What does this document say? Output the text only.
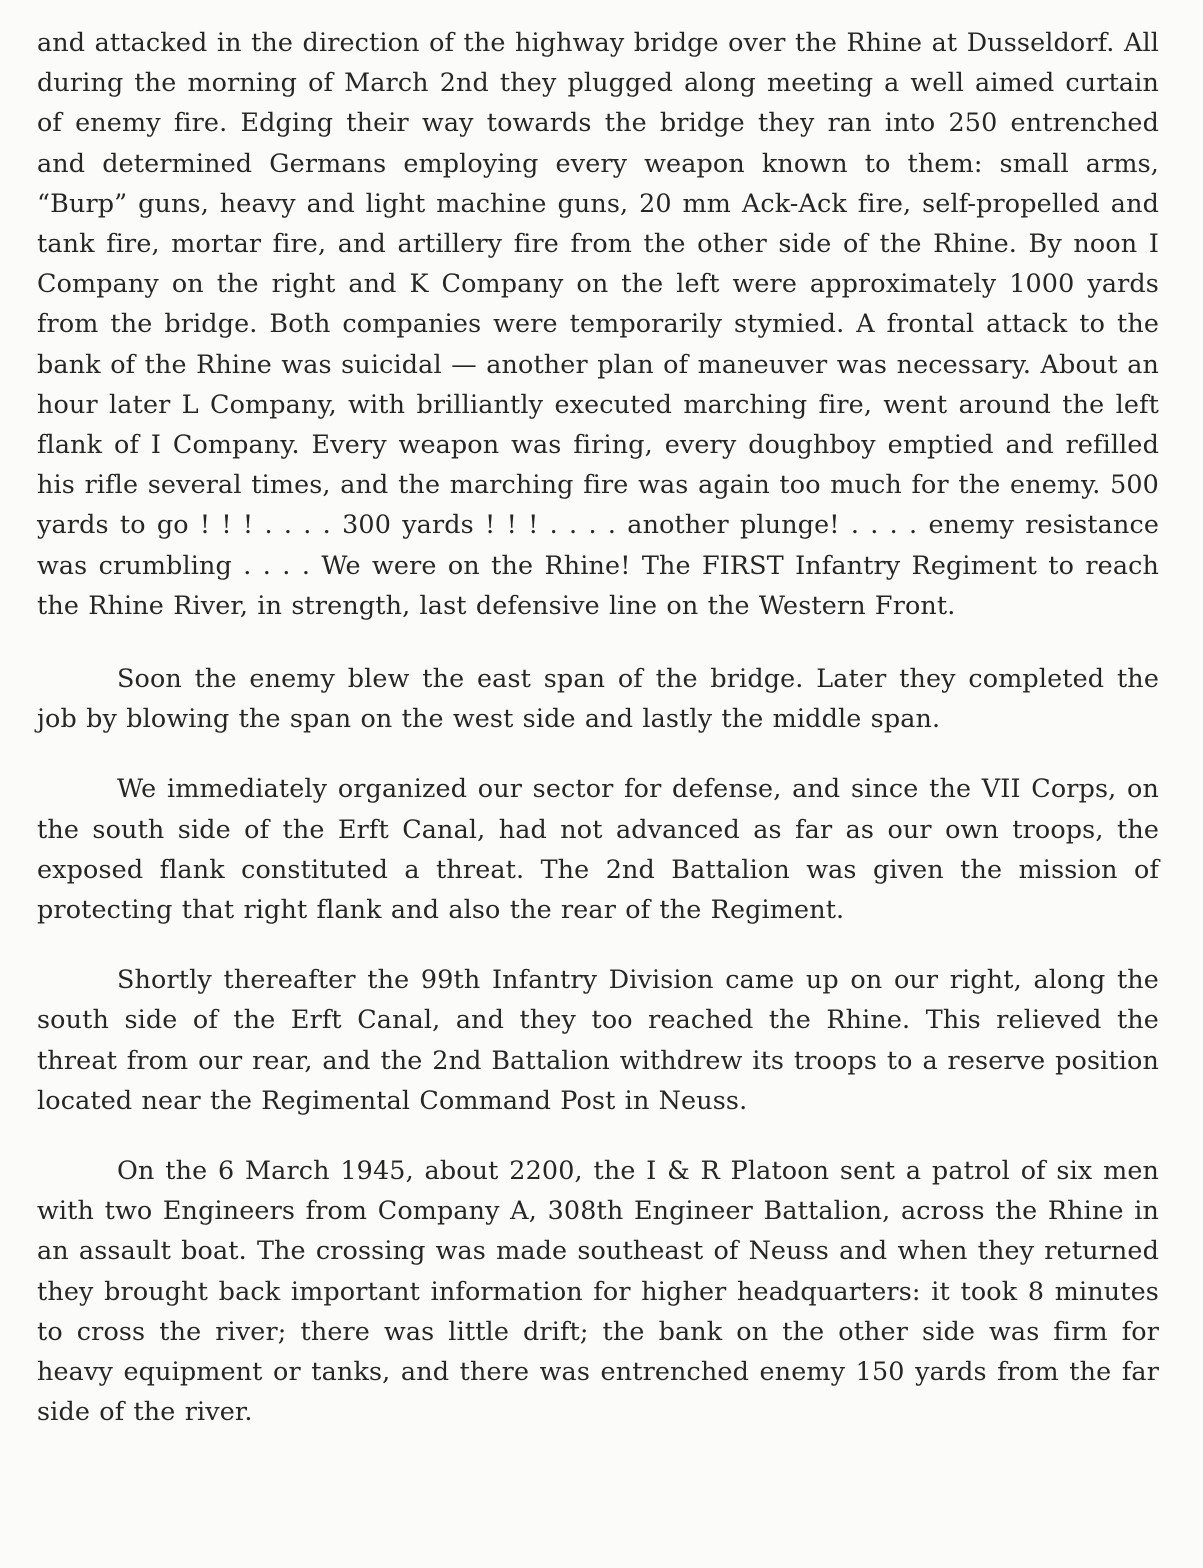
and attacked in the direction of the highway bridge over the Rhine at Dusseldorf. All during the morning of March 2nd they plugged along meeting a well aimed curtain of enemy fire. Edging their way towards the bridge they ran into 250 entrenched and determined Germans employing every weapon known to them: small arms, “Burp” guns, heavy and light machine guns, 20 mm Ack-Ack fire, self-propelled and tank fire, mortar fire, and artillery fire from the other side of the Rhine. By noon I Company on the right and K Company on the left were approximately 1000 yards from the bridge. Both companies were temporarily stymied. A frontal attack to the bank of the Rhine was suicidal — another plan of maneuver was necessary. About an hour later L Company, with brilliantly executed marching fire, went around the left flank of I Company. Every weapon was firing, every doughboy emptied and refilled his rifle several times, and the marching fire was again too much for the enemy. 500 yards to go ! ! ! . . . . 300 yards ! ! ! . . . . another plunge! . . . . enemy resistance was crumbling . . . . We were on the Rhine! The FIRST Infantry Regiment to reach the Rhine River, in strength, last defensive line on the Western Front.

Soon the enemy blew the east span of the bridge. Later they completed the job by blowing the span on the west side and lastly the middle span.

We immediately organized our sector for defense, and since the VII Corps, on the south side of the Erft Canal, had not advanced as far as our own troops, the exposed flank constituted a threat. The 2nd Battalion was given the mission of protecting that right flank and also the rear of the Regiment.

Shortly thereafter the 99th Infantry Division came up on our right, along the south side of the Erft Canal, and they too reached the Rhine. This relieved the threat from our rear, and the 2nd Battalion withdrew its troops to a reserve position located near the Regimental Command Post in Neuss.

On the 6 March 1945, about 2200, the I & R Platoon sent a patrol of six men with two Engineers from Company A, 308th Engineer Battalion, across the Rhine in an assault boat. The crossing was made southeast of Neuss and when they returned they brought back important information for higher headquarters: it took 8 minutes to cross the river; there was little drift; the bank on the other side was firm for heavy equipment or tanks, and there was entrenched enemy 150 yards from the far side of the river.
